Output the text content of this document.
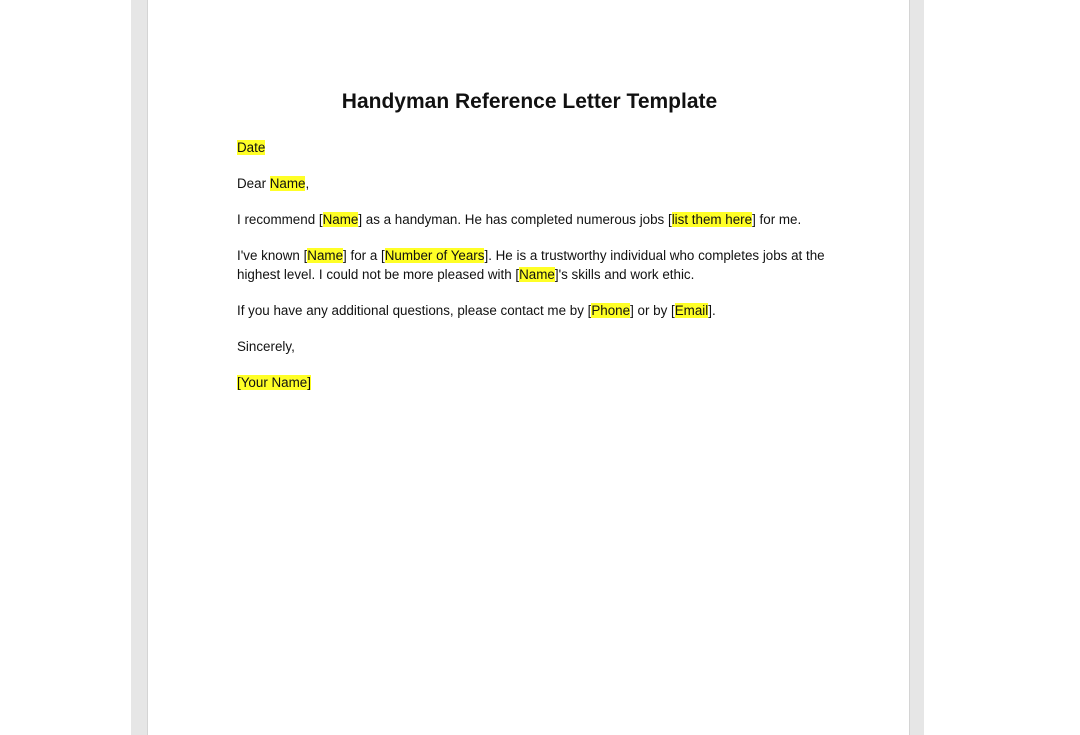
Handyman Reference Letter Template

Date

Dear Name,

I recommend [Name] as a handyman. He has completed numerous jobs [list them here] for me.

I've known [Name] for a [Number of Years]. He is a trustworthy individual who completes jobs at the highest level. I could not be more pleased with [Name]'s skills and work ethic.

If you have any additional questions, please contact me by [Phone] or by [Email].

Sincerely,

[Your Name]
